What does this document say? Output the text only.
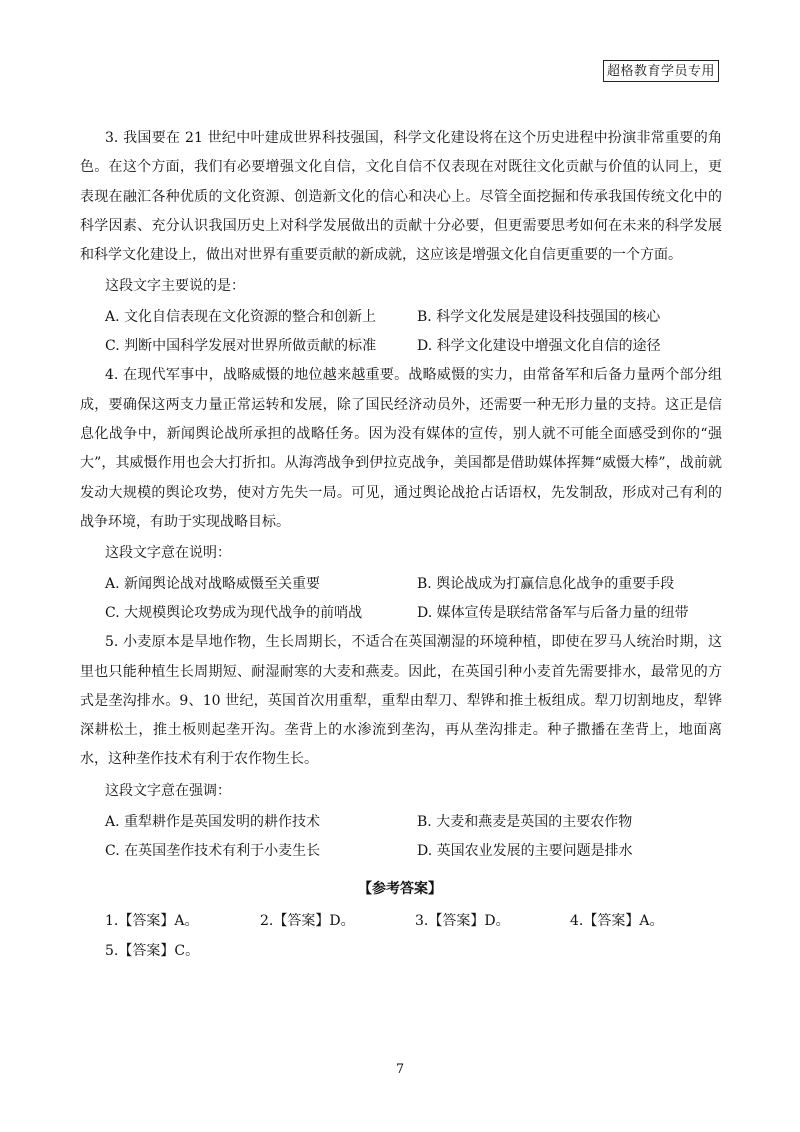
超格教育学员专用

3. 我国要在 21 世纪中叶建成世界科技强国，科学文化建设将在这个历史进程中扮演非常重要的角色。在这个方面，我们有必要增强文化自信，文化自信不仅表现在对既往文化贡献与价值的认同上，更表现在融汇各种优质的文化资源、创造新文化的信心和决心上。尽管全面挖掘和传承我国传统文化中的科学因素、充分认识我国历史上对科学发展做出的贡献十分必要，但更需要思考如何在未来的科学发展和科学文化建设上，做出对世界有重要贡献的新成就，这应该是增强文化自信更重要的一个方面。

这段文字主要说的是：

A. 文化自信表现在文化资源的整合和创新上	B. 科学文化发展是建设科技强国的核心
C. 判断中国科学发展对世界所做贡献的标准	D. 科学文化建设中增强文化自信的途径

4. 在现代军事中，战略威慑的地位越来越重要。战略威慑的实力，由常备军和后备力量两个部分组成，要确保这两支力量正常运转和发展，除了国民经济动员外，还需要一种无形力量的支持。这正是信息化战争中，新闻舆论战所承担的战略任务。因为没有媒体的宣传，别人就不可能全面感受到你的“强大”，其威慑作用也会大打折扣。从海湾战争到伊拉克战争，美国都是借助媒体挥舞“威慑大棒”，战前就发动大规模的舆论攻势，使对方先失一局。可见，通过舆论战抢占话语权，先发制敌，形成对己有利的战争环境，有助于实现战略目标。

这段文字意在说明：

A. 新闻舆论战对战略威慑至关重要	B. 舆论战成为打赢信息化战争的重要手段
C. 大规模舆论攻势成为现代战争的前哨战	D. 媒体宣传是联结常备军与后备力量的纽带

5. 小麦原本是旱地作物，生长周期长，不适合在英国潮湿的环境种植，即使在罗马人统治时期，这里也只能种植生长周期短、耐湿耐寒的大麦和燕麦。因此，在英国引种小麦首先需要排水，最常见的方式是垄沟排水。9、10 世纪，英国首次用重犁，重犁由犁刀、犁铧和推土板组成。犁刀切割地皮，犁铧深耕松土，推土板则起垄开沟。垄背上的水渗流到垄沟，再从垄沟排走。种子撒播在垄背上，地面离水，这种垄作技术有利于农作物生长。

这段文字意在强调：

A. 重犁耕作是英国发明的耕作技术	B. 大麦和燕麦是英国的主要农作物
C. 在英国垄作技术有利于小麦生长	D. 英国农业发展的主要问题是排水
【参考答案】
1.【答案】A。	2.【答案】D。	3.【答案】D。	4.【答案】A。
5.【答案】C。
7
